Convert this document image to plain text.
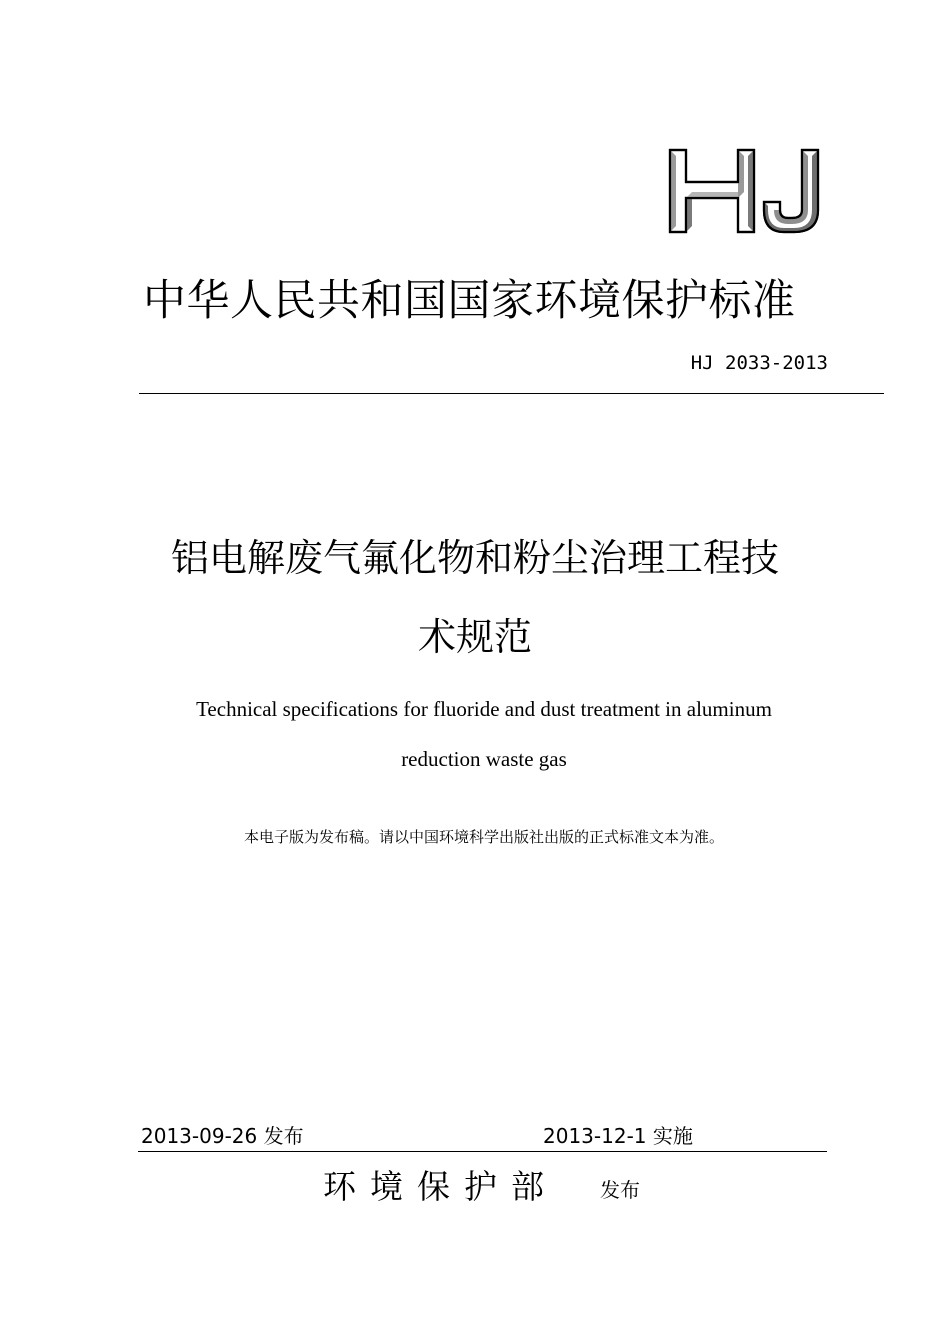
中华人民共和国国家环境保护标准
HJ 2033-2013
铝电解废气氟化物和粉尘治理工程技
术规范
Technical specifications for fluoride and dust treatment in aluminum
reduction waste gas
本电子版为发布稿。请以中国环境科学出版社出版的正式标准文本为准。
2013-09-26 发布	2013-12-1 实施
环境保护部 发布
